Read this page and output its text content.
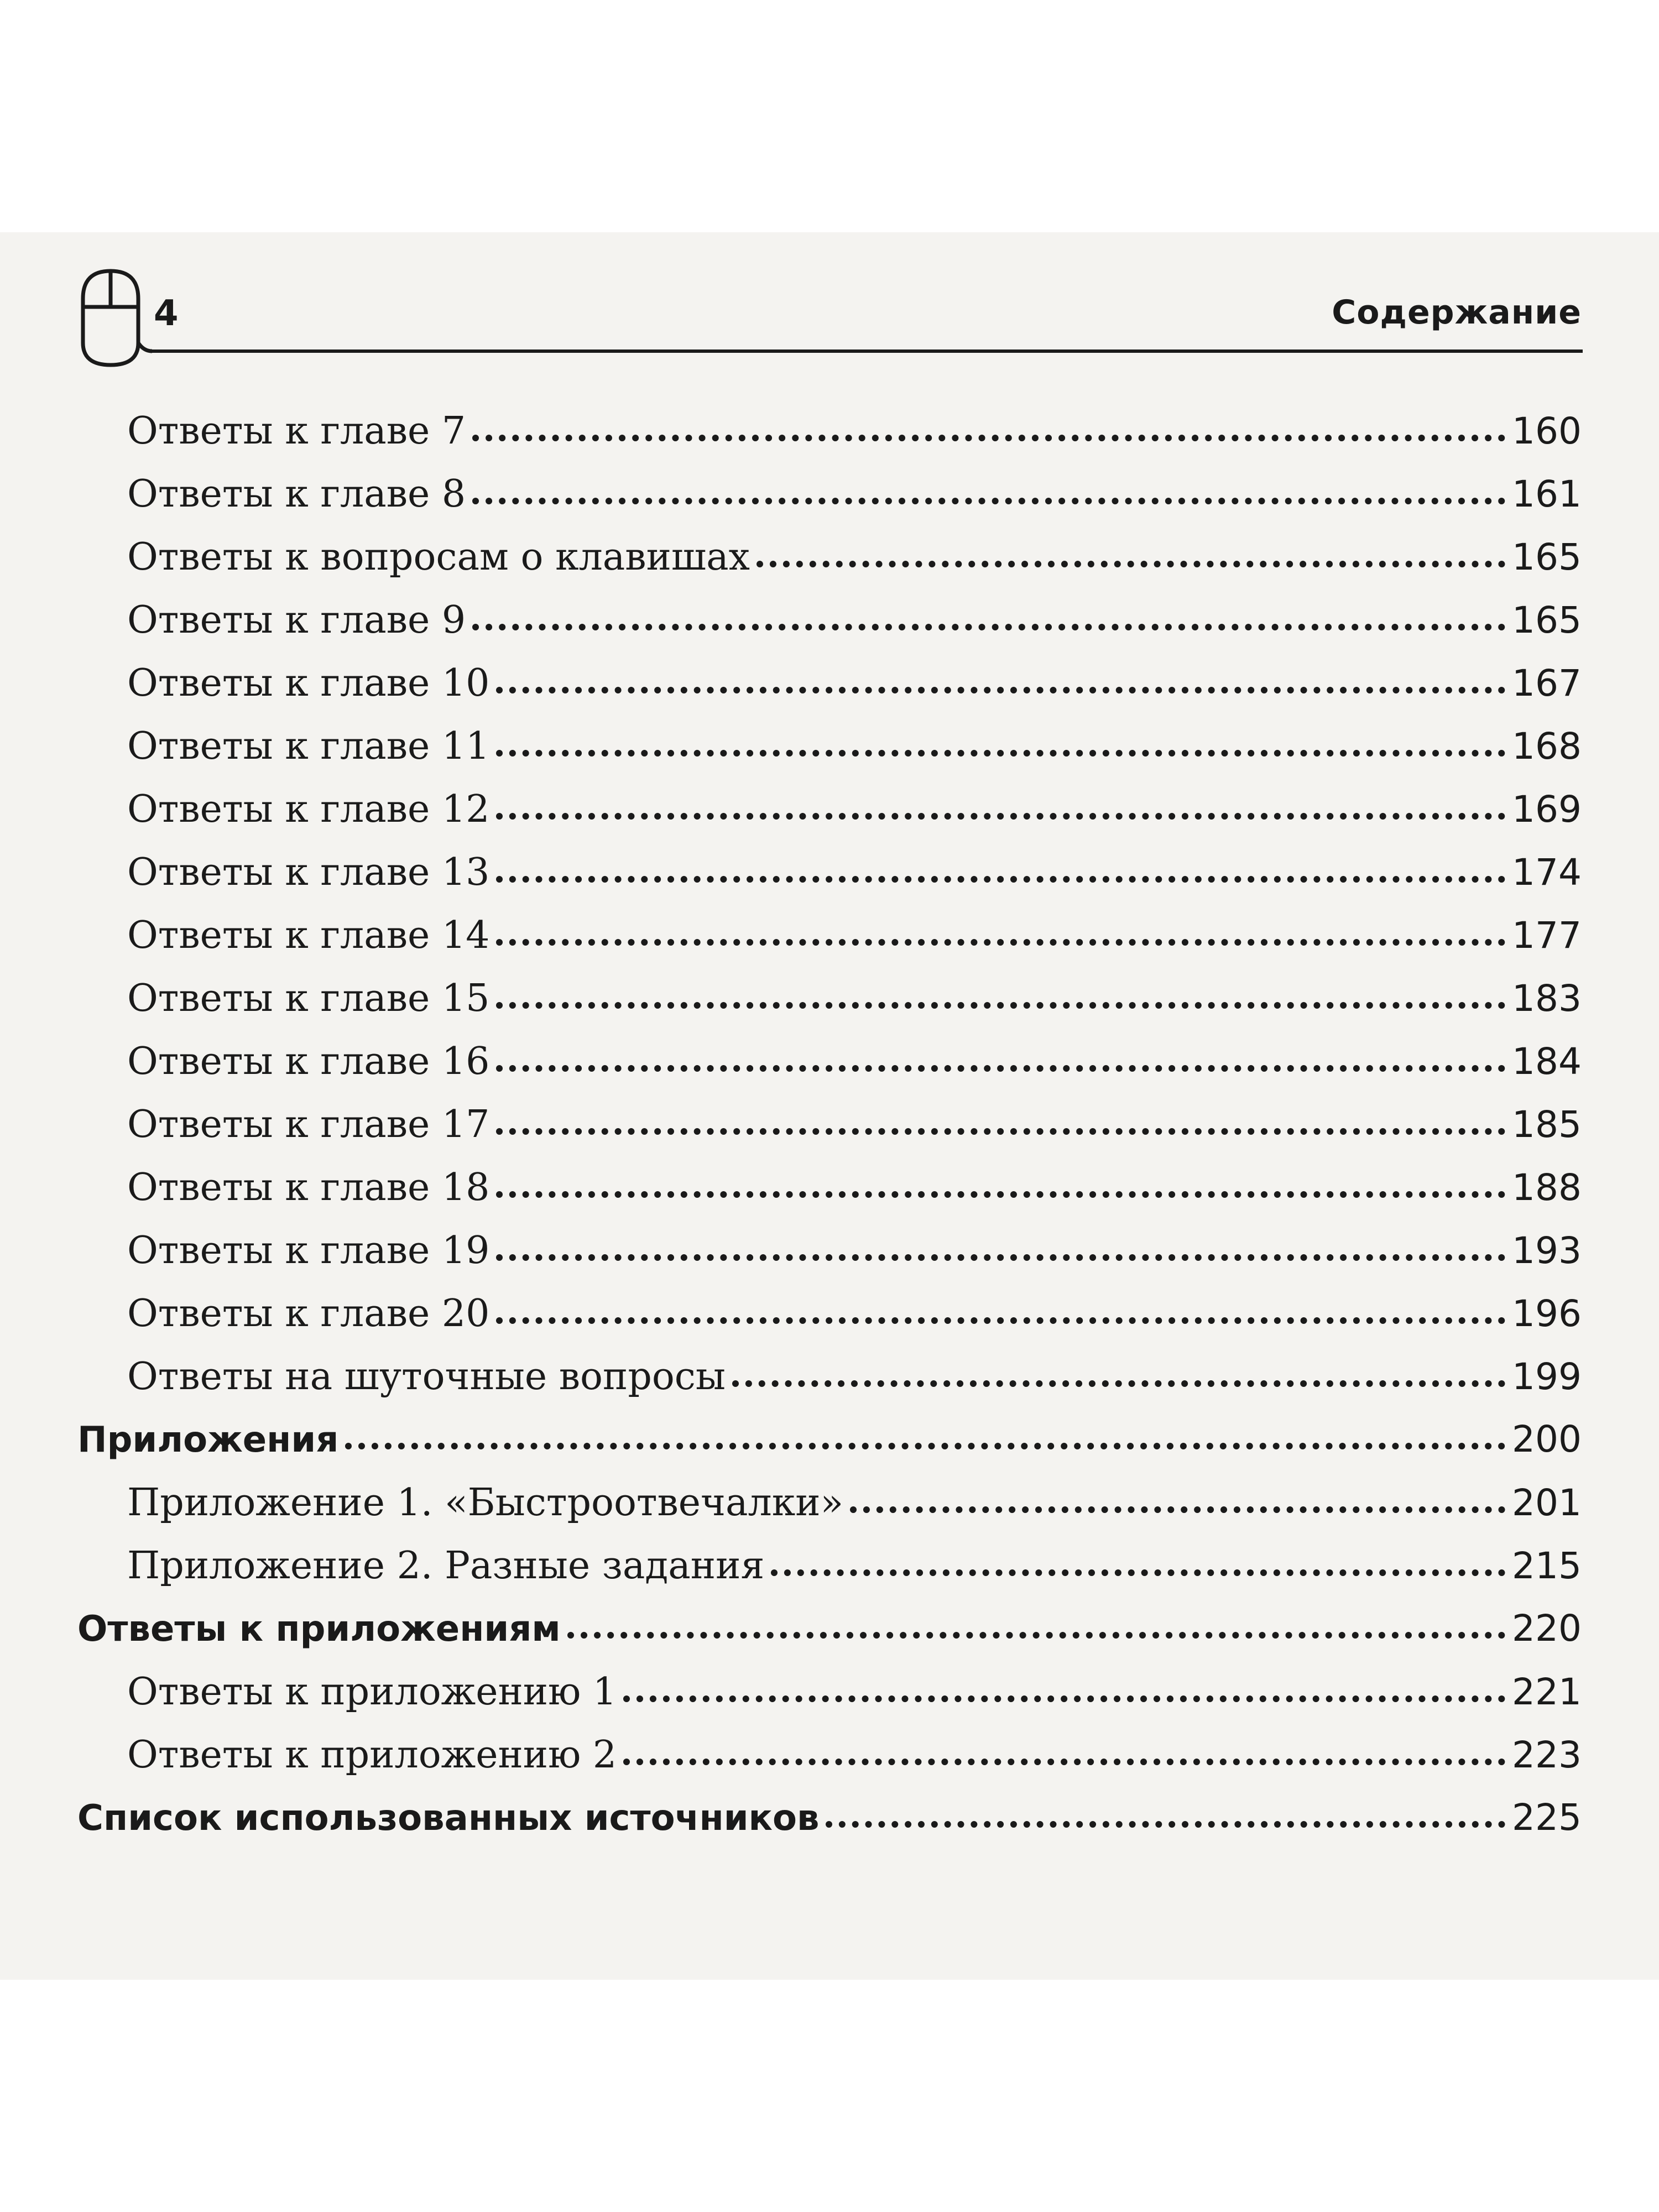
4	Содержание
Ответы к главе 7	160
Ответы к главе 8	161
Ответы к вопросам о клавишах	165
Ответы к главе 9	165
Ответы к главе 10	167
Ответы к главе 11	168
Ответы к главе 12	169
Ответы к главе 13	174
Ответы к главе 14	177
Ответы к главе 15	183
Ответы к главе 16	184
Ответы к главе 17	185
Ответы к главе 18	188
Ответы к главе 19	193
Ответы к главе 20	196
Ответы на шуточные вопросы	199
Приложения	200
Приложение 1. «Быстроотвечалки»	201
Приложение 2. Разные задания	215
Ответы к приложениям	220
Ответы к приложению 1	221
Ответы к приложению 2	223
Список использованных источников	225
